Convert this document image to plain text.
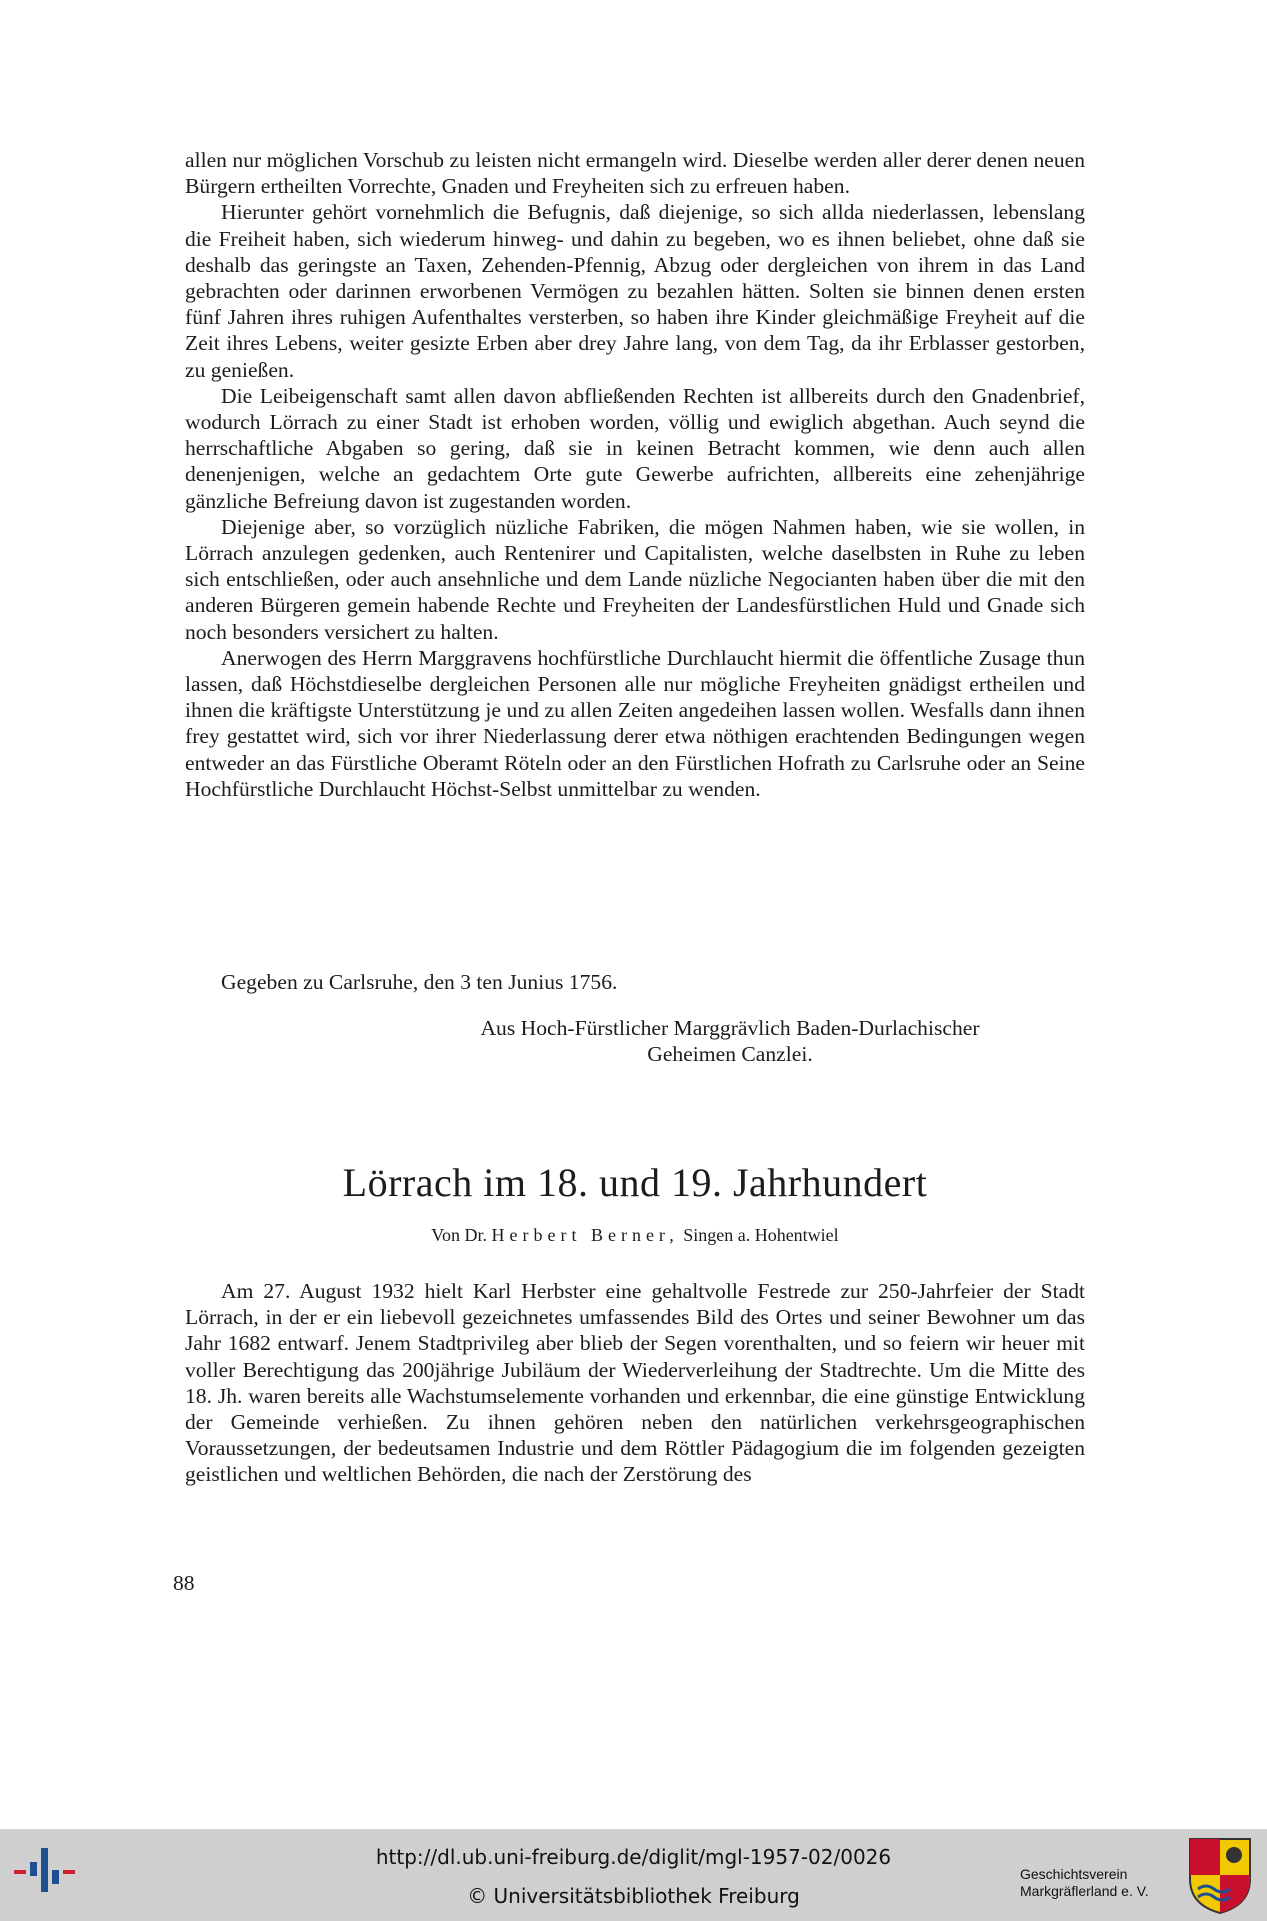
allen nur möglichen Vorschub zu leisten nicht ermangeln wird. Dieselbe werden aller derer denen neuen Bürgern ertheilten Vorrechte, Gnaden und Freyheiten sich zu erfreuen haben.

Hierunter gehört vornehmlich die Befugnis, daß diejenige, so sich allda niederlassen, lebenslang die Freiheit haben, sich wiederum hinweg- und dahin zu begeben, wo es ihnen beliebet, ohne daß sie deshalb das geringste an Taxen, Zehenden-Pfennig, Abzug oder dergleichen von ihrem in das Land gebrachten oder darinnen erworbenen Vermögen zu bezahlen hätten. Solten sie binnen denen ersten fünf Jahren ihres ruhigen Aufenthaltes versterben, so haben ihre Kinder gleichmäßige Freyheit auf die Zeit ihres Lebens, weiter gesizte Erben aber drey Jahre lang, von dem Tag, da ihr Erblasser gestorben, zu genießen.

Die Leibeigenschaft samt allen davon abfließenden Rechten ist allbereits durch den Gnadenbrief, wodurch Lörrach zu einer Stadt ist erhoben worden, völlig und ewiglich abgethan. Auch seynd die herrschaftliche Abgaben so gering, daß sie in keinen Betracht kommen, wie denn auch allen denenjenigen, welche an gedachtem Orte gute Gewerbe aufrichten, allbereits eine zehenjährige gänzliche Befreiung davon ist zugestanden worden.

Diejenige aber, so vorzüglich nüzliche Fabriken, die mögen Nahmen haben, wie sie wollen, in Lörrach anzulegen gedenken, auch Rentenirer und Capitalisten, welche daselbsten in Ruhe zu leben sich entschließen, oder auch ansehnliche und dem Lande nüzliche Negocianten haben über die mit den anderen Bürgeren gemein habende Rechte und Freyheiten der Landesfürstlichen Huld und Gnade sich noch besonders versichert zu halten.

Anerwogen des Herrn Marggravens hochfürstliche Durchlaucht hiermit die öffentliche Zusage thun lassen, daß Höchstdieselbe dergleichen Personen alle nur mögliche Freyheiten gnädigst ertheilen und ihnen die kräftigste Unterstützung je und zu allen Zeiten angedeihen lassen wollen. Wesfalls dann ihnen frey gestattet wird, sich vor ihrer Niederlassung derer etwa nöthigen erachtenden Bedingungen wegen entweder an das Fürstliche Oberamt Röteln oder an den Fürstlichen Hofrath zu Carlsruhe oder an Seine Hochfürstliche Durchlaucht Höchst-Selbst unmittelbar zu wenden.

Gegeben zu Carlsruhe, den 3 ten Junius 1756.
Aus Hoch-Fürstlicher Marggrävlich Baden-Durlachischer
Geheimen Canzlei.
Lörrach im 18. und 19. Jahrhundert
Von Dr. Herbert Berner, Singen a. Hohentwiel

Am 27. August 1932 hielt Karl Herbster eine gehaltvolle Festrede zur 250-Jahrfeier der Stadt Lörrach, in der er ein liebevoll gezeichnetes umfassendes Bild des Ortes und seiner Bewohner um das Jahr 1682 entwarf. Jenem Stadtprivileg aber blieb der Segen vorenthalten, und so feiern wir heuer mit voller Berechtigung das 200jährige Jubiläum der Wiederverleihung der Stadtrechte. Um die Mitte des 18. Jh. waren bereits alle Wachstumselemente vorhanden und erkennbar, die eine günstige Entwicklung der Gemeinde verhießen. Zu ihnen gehören neben den natürlichen verkehrsgeographischen Voraussetzungen, der bedeutsamen Industrie und dem Röttler Pädagogium die im folgenden gezeigten geistlichen und weltlichen Behörden, die nach der Zerstörung des

88
http://dl.ub.uni-freiburg.de/diglit/mgl-1957-02/0026
© Universitätsbibliothek Freiburg
Geschichtsverein
Markgräflerland e. V.
